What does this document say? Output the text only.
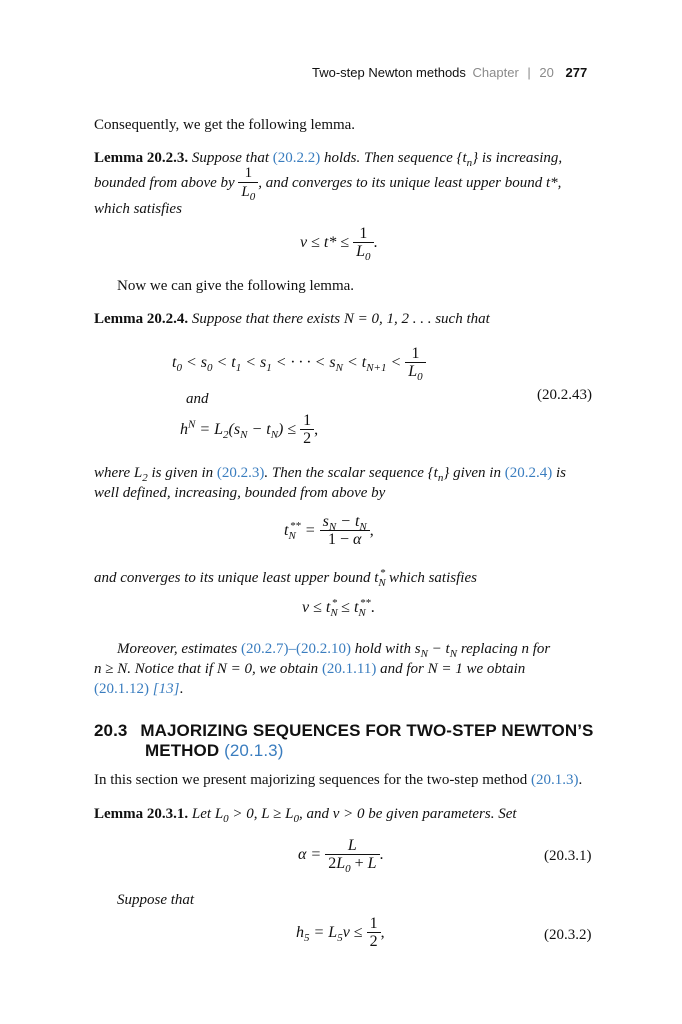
Two-step Newton methods Chapter | 20 277
Consequently, we get the following lemma.
Lemma 20.2.3. Suppose that (20.2.2) holds. Then sequence $\{t_n\}$ is increasing,
bounded from above by $\frac{1}{L_0}$ , and converges to its unique least upper bound t*,
which satisfies
$\nu \le t* \le \frac{1}{L_0}$ .
Now we can give the following lemma.
Lemma 20.2.4. Suppose that there exists N = 0, 1, 2 . . . such that
$t_0 < s_0 < t_1 < s_1$ < · · · < $s_N < t_{N+1} < \frac{1}{L_0}$
and	(20.2.43)
$h^N = L_2(s_N - t_N) \le \frac{1}{2}$ ,
where $L_2$ is given in (20.2.3). Then the scalar sequence $\{t_n\}$ given in (20.2.4) is
well defined, increasing, bounded from above by
$t_N^{**} = \frac{s_N - t_N}{1 - \alpha}$ ,
and converges to its unique least upper bound $t_N^*$ which satisfies
$\nu \le t_N^* \le t_N^{**}$.
Moreover, estimates (20.2.7)–(20.2.10) hold with $s_N - t_N$ replacing n for
n ≥ N. Notice that if N = 0, we obtain (20.1.11) and for N = 1 we obtain
(20.1.12) [13].
20.3 MAJORIZING SEQUENCES FOR TWO-STEP NEWTON’S
METHOD (20.1.3)
In this section we present majorizing sequences for the two-step method (20.1.3).
Lemma 20.3.1. Let $L_0 > 0$, $L \ge L_0$, and ν > 0 be given parameters. Set
$\alpha = \frac{L}{2L_0 + L}$ .	(20.3.1)
Suppose that
$h_5 = L_5\nu \le \frac{1}{2}$ ,	(20.3.2)
